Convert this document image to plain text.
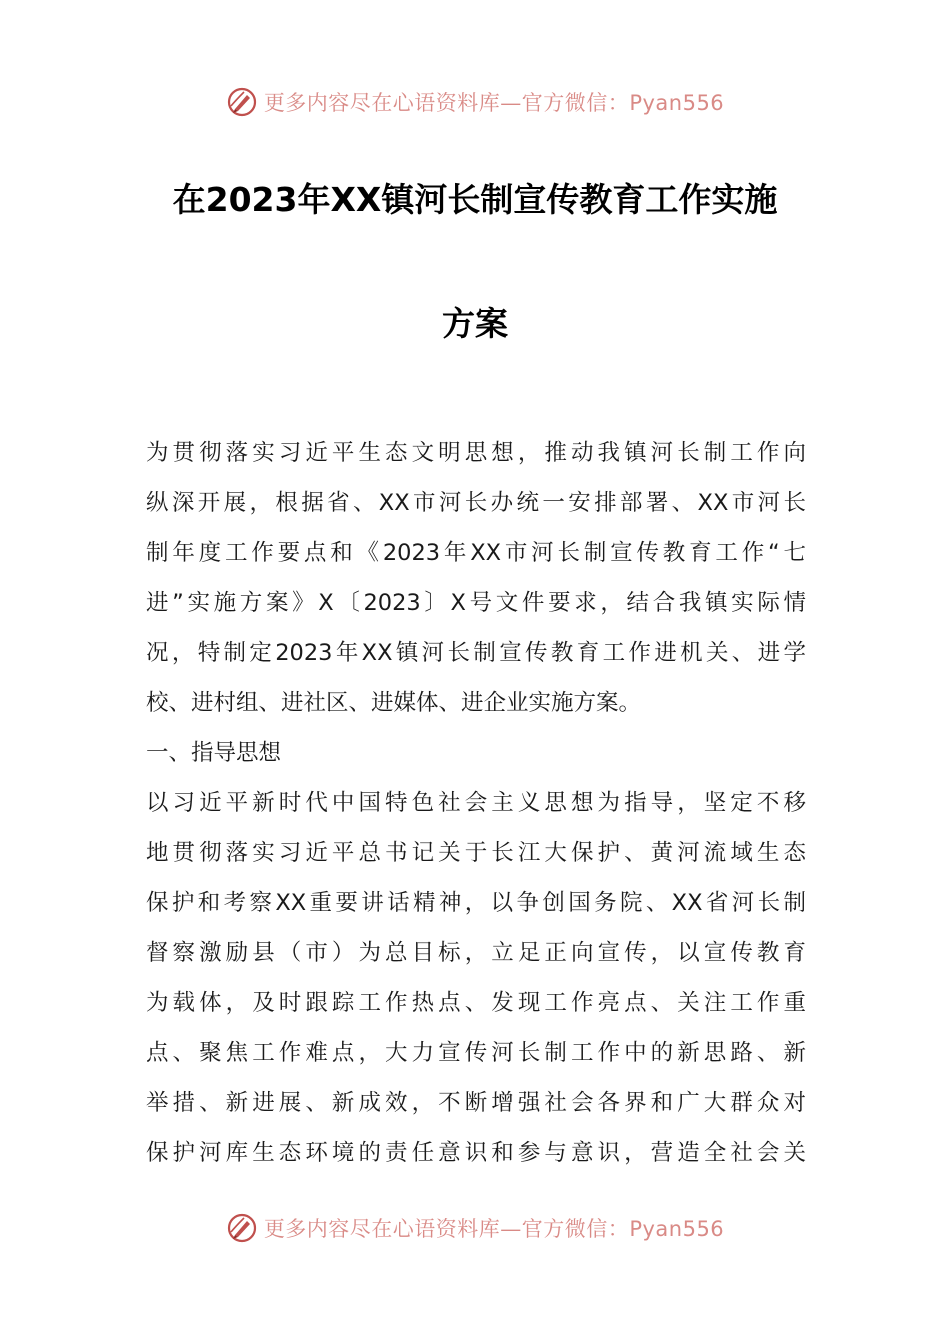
更多内容尽在心语资料库—官方微信：Pyan556
在2023年XX镇河长制宣传教育工作实施
方案
为贯彻落实习近平生态文明思想，推动我镇河长制工作向
纵深开展，根据省、XX市河长办统一安排部署、XX市河长
制年度工作要点和《2023年XX市河长制宣传教育工作“七
进”实施方案》X〔2023〕X号文件要求，结合我镇实际情
况，特制定2023年XX镇河长制宣传教育工作进机关、进学
校、进村组、进社区、进媒体、进企业实施方案。
一、指导思想
以习近平新时代中国特色社会主义思想为指导，坚定不移
地贯彻落实习近平总书记关于长江大保护、黄河流域生态
保护和考察XX重要讲话精神，以争创国务院、XX省河长制
督察激励县（市）为总目标，立足正向宣传，以宣传教育
为载体，及时跟踪工作热点、发现工作亮点、关注工作重
点、聚焦工作难点，大力宣传河长制工作中的新思路、新
举措、新进展、新成效，不断增强社会各界和广大群众对
保护河库生态环境的责任意识和参与意识，营造全社会关
更多内容尽在心语资料库—官方微信：Pyan556
